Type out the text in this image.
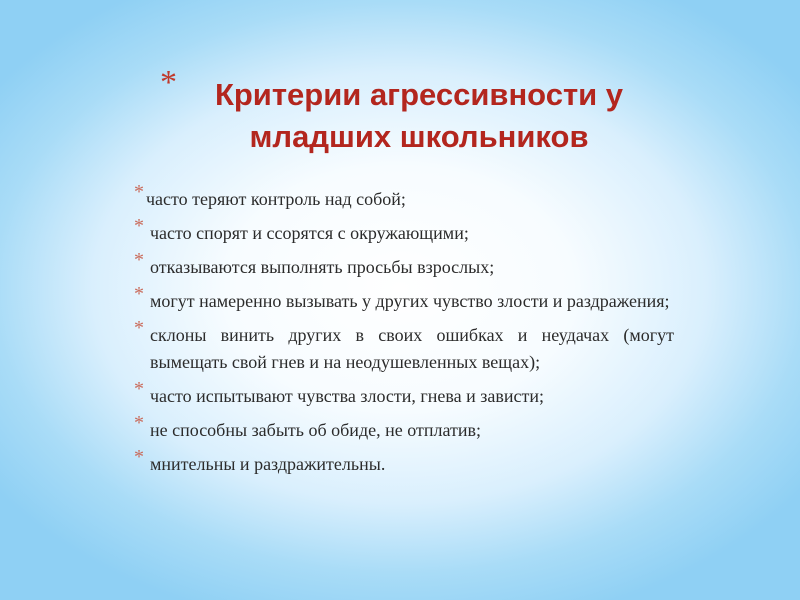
*	Критерии агрессивности у младших школьников
* часто теряют контроль над собой;
* часто спорят и ссорятся с окружающими;
* отказываются выполнять просьбы взрослых;
* могут намеренно вызывать у других чувство злости и раздражения;
* склоны винить других в своих ошибках и неудачах (могут вымещать свой гнев и на неодушевленных вещах);
* часто испытывают чувства злости, гнева и зависти;
* не способны забыть об обиде, не отплатив;
* мнительны и раздражительны.
